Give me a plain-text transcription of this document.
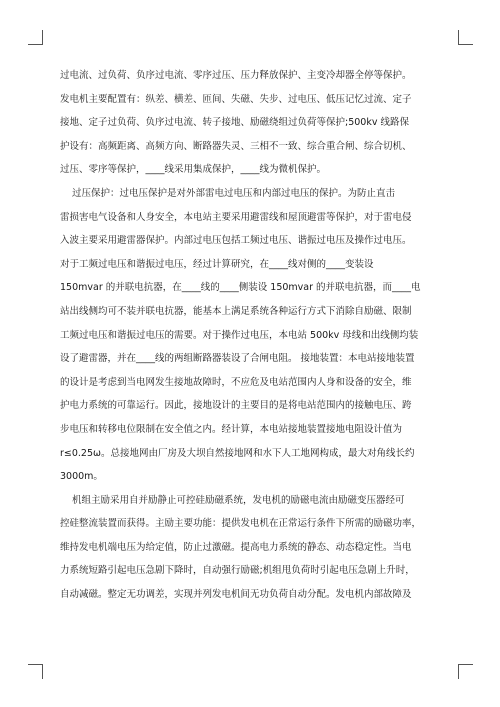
过电流、过负荷、负序过电流、零序过压、压力释放保护、主变冷却器全停等保护。
发电机主要配置有：纵差、横差、匝间、失磁、失步、过电压、低压记忆过流、定子
接地、定子过负荷、负序过电流、转子接地、励磁绕组过负荷等保护;500kv 线路保
护设有：高频距离、高频方向、断路器失灵、三相不一致、综合重合闸、综合切机、
过压、零序等保护，____线采用集成保护，____线为微机保护。
过压保护：过电压保护是对外部雷电过电压和内部过电压的保护。为防止直击
雷损害电气设备和人身安全，本电站主要采用避雷线和屋顶避雷等保护，对于雷电侵
入波主要采用避雷器保护。内部过电压包括工频过电压、谐振过电压及操作过电压。
对于工频过电压和谐振过电压，经过计算研究，在____线对侧的____变装设
150mvar 的并联电抗器，在____线的____侧装设 150mvar 的并联电抗器，而____电
站出线侧均可不装并联电抗器，能基本上满足系统各种运行方式下消除自励磁、限制
工频过电压和谐振过电压的需要。对于操作过电压，本电站 500kv 母线和出线侧均装
设了避雷器，并在____线的两组断路器装设了合闸电阻。 接地装置：本电站接地装置
的设计是考虑到当电网发生接地故障时，不应危及电站范围内人身和设备的安全，维
护电力系统的可靠运行。因此，接地设计的主要目的是将电站范围内的接触电压、跨
步电压和转移电位限制在安全值之内。经计算，本电站接地装置接地电阻设计值为
r≤0.25ω。总接地网由厂房及大坝自然接地网和水下人工地网构成，最大对角线长约
3000m。
机组主励采用自并励静止可控硅励磁系统，发电机的励磁电流由励磁变压器经可
控硅整流装置而获得。主励主要功能：提供发电机在正常运行条件下所需的励磁功率，
维持发电机端电压为给定值，防止过激磁。提高电力系统的静态、动态稳定性。当电
力系统短路引起电压急剧下降时，自动强行励磁;机组甩负荷时引起电压急剧上升时，
自动减磁。整定无功调差，实现并列发电机间无功负荷自动分配。发电机内部故障及
